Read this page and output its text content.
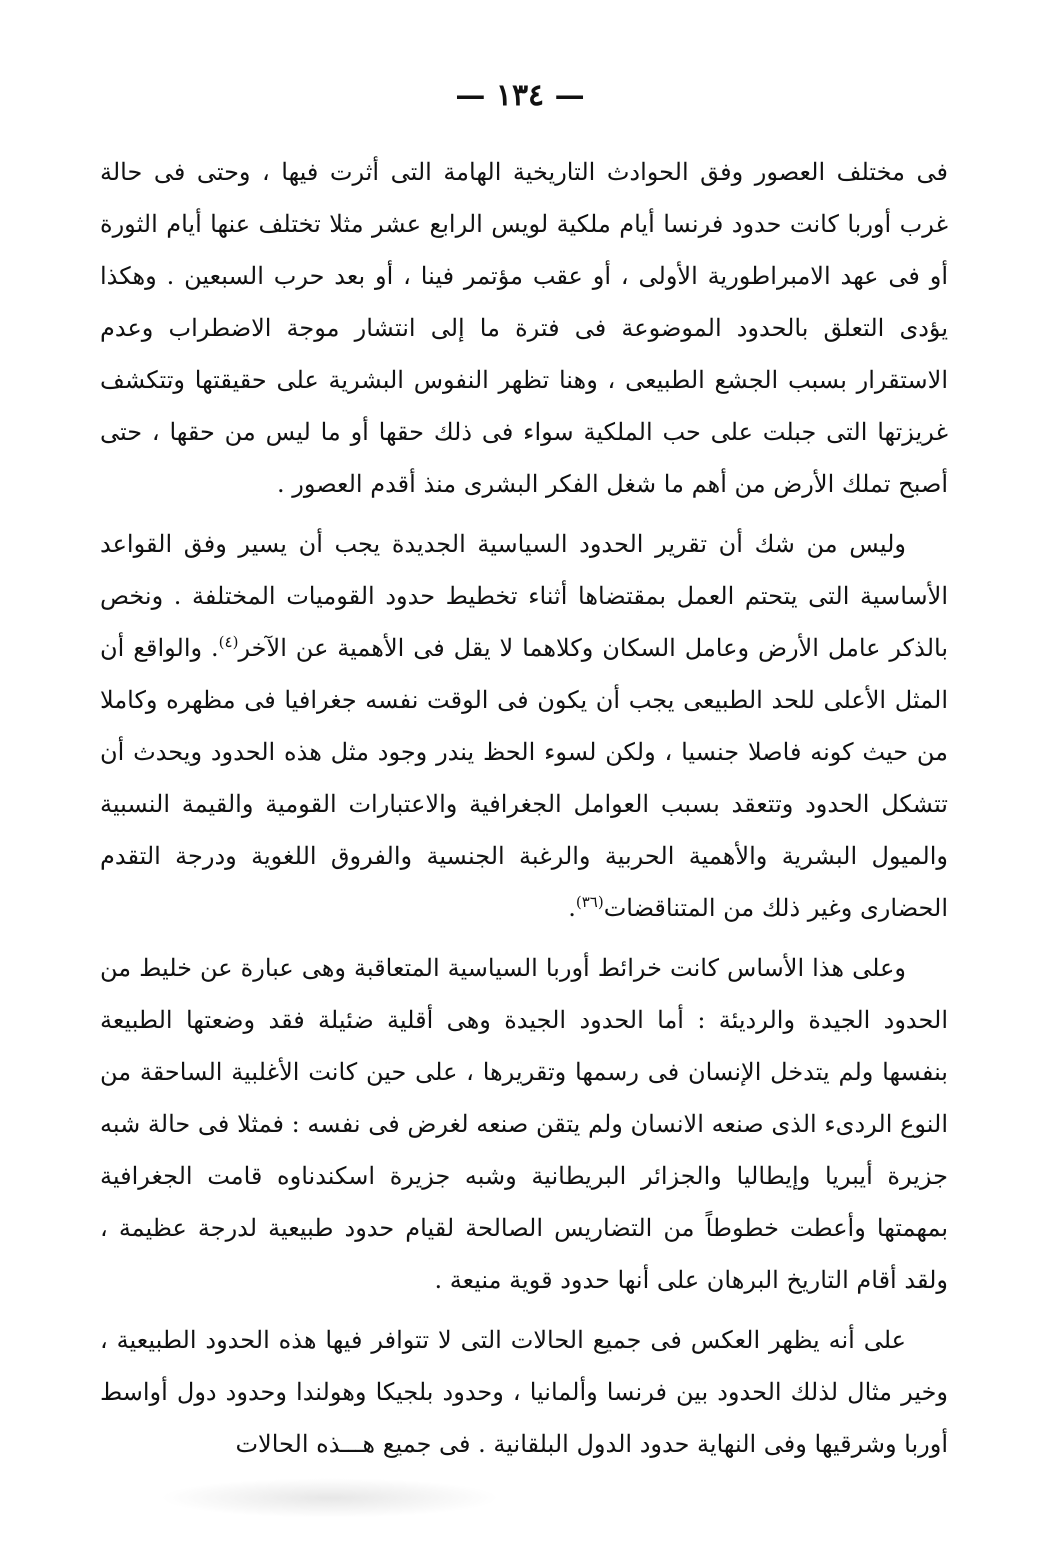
— ١٣٤ —

فى مختلف العصور وفق الحوادث التاريخية الهامة التى أثرت فيها ، وحتى فى حالة غرب أوربا كانت حدود فرنسا أيام ملكية لويس الرابع عشر مثلا تختلف عنها أيام الثورة أو فى عهد الامبراطورية الأولى ، أو عقب مؤتمر فينا ، أو بعد حرب السبعين . وهكذا يؤدى التعلق بالحدود الموضوعة فى فترة ما إلى انتشار موجة الاضطراب وعدم الاستقرار بسبب الجشع الطبيعى ، وهنا تظهر النفوس البشرية على حقيقتها وتتكشف غريزتها التى جبلت على حب الملكية سواء فى ذلك حقها أو ما ليس من حقها ، حتى أصبح تملك الأرض من أهم ما شغل الفكر البشرى منذ أقدم العصور .

وليس من شك أن تقرير الحدود السياسية الجديدة يجب أن يسير وفق القواعد الأساسية التى يتحتم العمل بمقتضاها أثناء تخطيط حدود القوميات المختلفة . ونخص بالذكر عامل الأرض وعامل السكان وكلاهما لا يقل فى الأهمية عن الآخر$^{(٤)}$. والواقع أن المثل الأعلى للحد الطبيعى يجب أن يكون فى الوقت نفسه جغرافيا فى مظهره وكاملا من حيث كونه فاصلا جنسيا ، ولكن لسوء الحظ يندر وجود مثل هذه الحدود ويحدث أن تتشكل الحدود وتتعقد بسبب العوامل الجغرافية والاعتبارات القومية والقيمة النسبية والميول البشرية والأهمية الحربية والرغبة الجنسية والفروق اللغوية ودرجة التقدم الحضارى وغير ذلك من المتناقضات$^{(٣٦)}$.

وعلى هذا الأساس كانت خرائط أوربا السياسية المتعاقبة وهى عبارة عن خليط من الحدود الجيدة والرديئة : أما الحدود الجيدة وهى أقلية ضئيلة فقد وضعتها الطبيعة بنفسها ولم يتدخل الإنسان فى رسمها وتقريرها ، على حين كانت الأغلبية الساحقة من النوع الردىء الذى صنعه الانسان ولم يتقن صنعه لغرض فى نفسه : فمثلا فى حالة شبه جزيرة أيبريا وإيطاليا والجزائر البريطانية وشبه جزيرة اسكندناوه قامت الجغرافية بمهمتها وأعطت خطوطاً من التضاريس الصالحة لقيام حدود طبيعية لدرجة عظيمة ، ولقد أقام التاريخ البرهان على أنها حدود قوية منيعة .

على أنه يظهر العكس فى جميع الحالات التى لا تتوافر فيها هذه الحدود الطبيعية ، وخير مثال لذلك الحدود بين فرنسا وألمانيا ، وحدود بلجيكا وهولندا وحدود دول أواسط أوربا وشرقيها وفى النهاية حدود الدول البلقانية . فى جميع هـــذه الحالات
